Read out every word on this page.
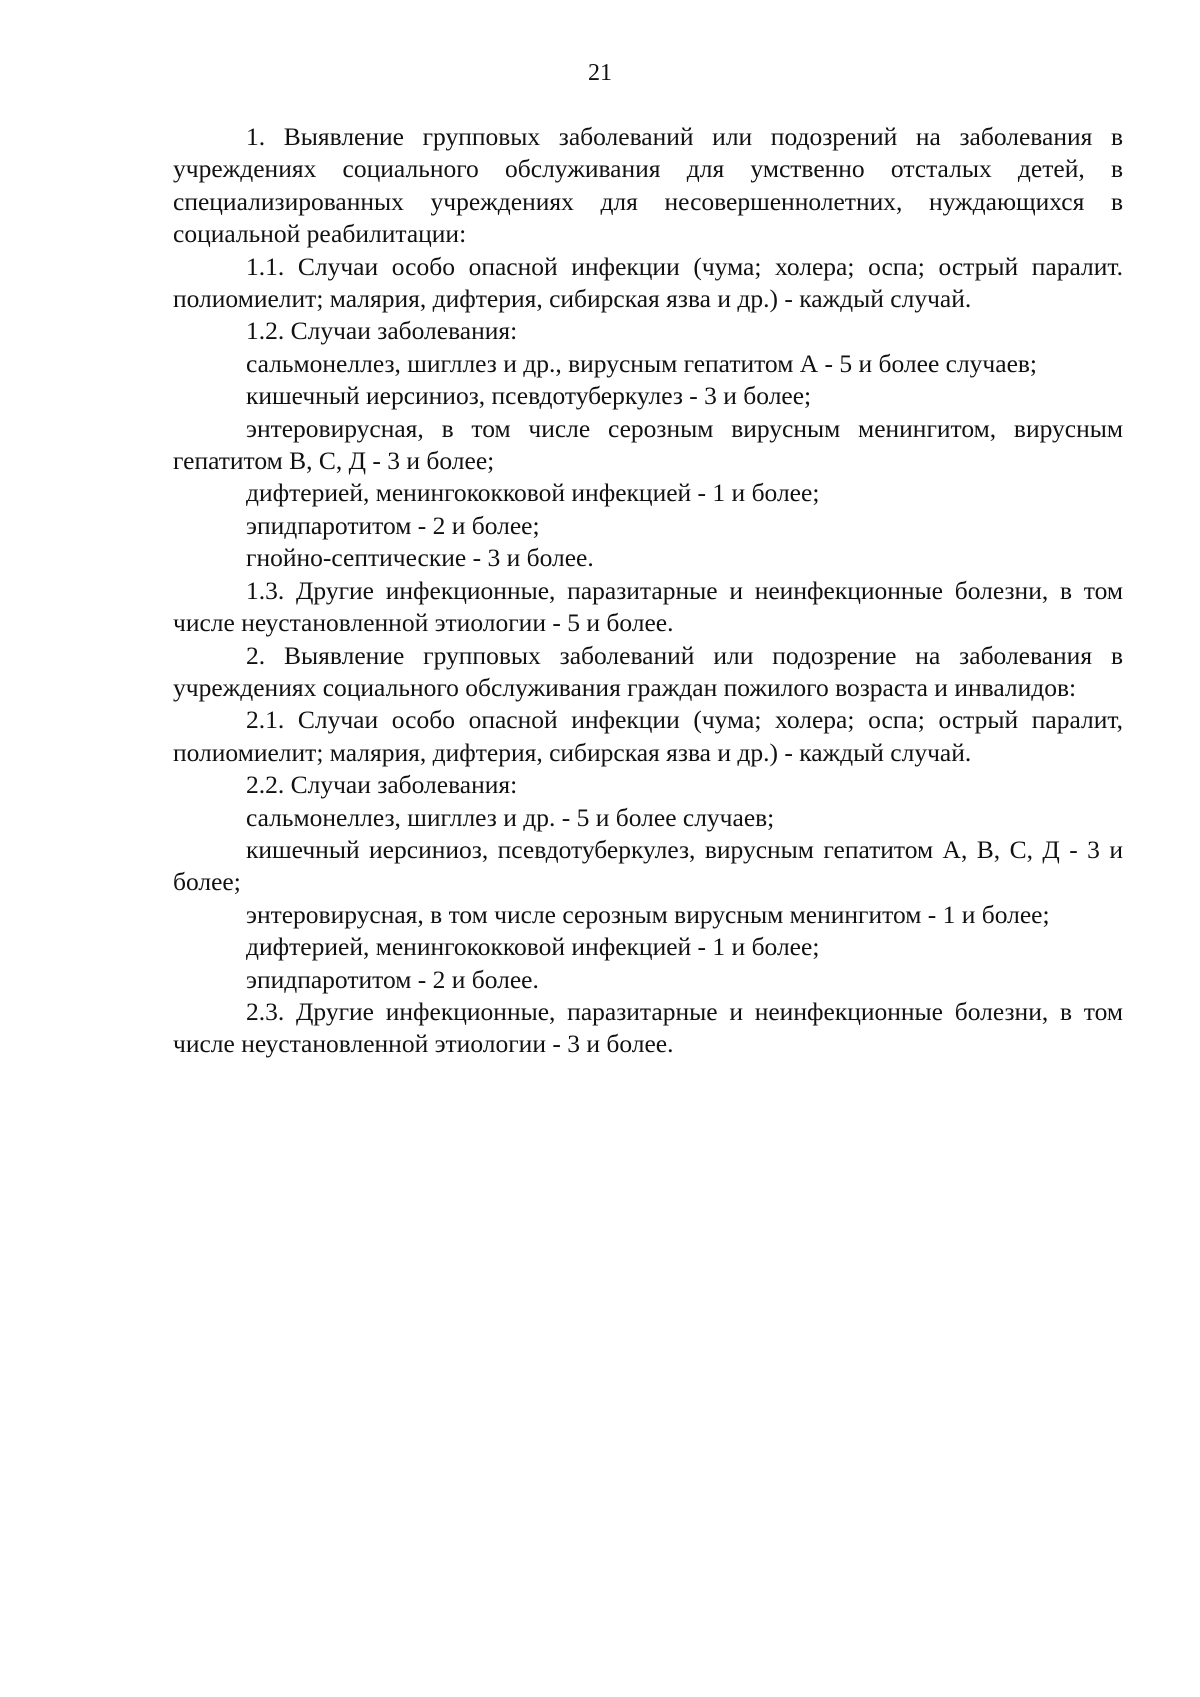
21

1. Выявление групповых заболеваний или подозрений на заболевания в учреждениях социального обслуживания для умственно отсталых детей, в специализированных учреждениях для несовершеннолетних, нуждающихся в социальной реабилитации:

1.1. Случаи особо опасной инфекции (чума; холера; оспа; острый паралит. полиомиелит; малярия, дифтерия, сибирская язва и др.) - каждый случай.

1.2. Случаи заболевания:

сальмонеллез, шигллез и др., вирусным гепатитом А - 5 и более случаев;

кишечный иерсиниоз, псевдотуберкулез - 3 и более;

энтеровирусная, в том числе серозным вирусным менингитом, вирусным гепатитом В, С, Д - 3 и более;

дифтерией, менингококковой инфекцией - 1 и более;

эпидпаротитом - 2 и более;

гнойно-септические - 3 и более.

1.3. Другие инфекционные, паразитарные и неинфекционные болезни, в том числе неустановленной этиологии - 5 и более.

2. Выявление групповых заболеваний или подозрение на заболевания в учреждениях социального обслуживания граждан пожилого возраста и инвалидов:

2.1. Случаи особо опасной инфекции (чума; холера; оспа; острый паралит, полиомиелит; малярия, дифтерия, сибирская язва и др.) - каждый случай.

2.2. Случаи заболевания:

сальмонеллез, шигллез и др. - 5 и более случаев;

кишечный иерсиниоз, псевдотуберкулез, вирусным гепатитом А, В, С, Д - 3 и более;

энтеровирусная, в том числе серозным вирусным менингитом - 1 и более;

дифтерией, менингококковой инфекцией - 1 и более;

эпидпаротитом - 2 и более.

2.3. Другие инфекционные, паразитарные и неинфекционные болезни, в том числе неустановленной этиологии - 3 и более.
